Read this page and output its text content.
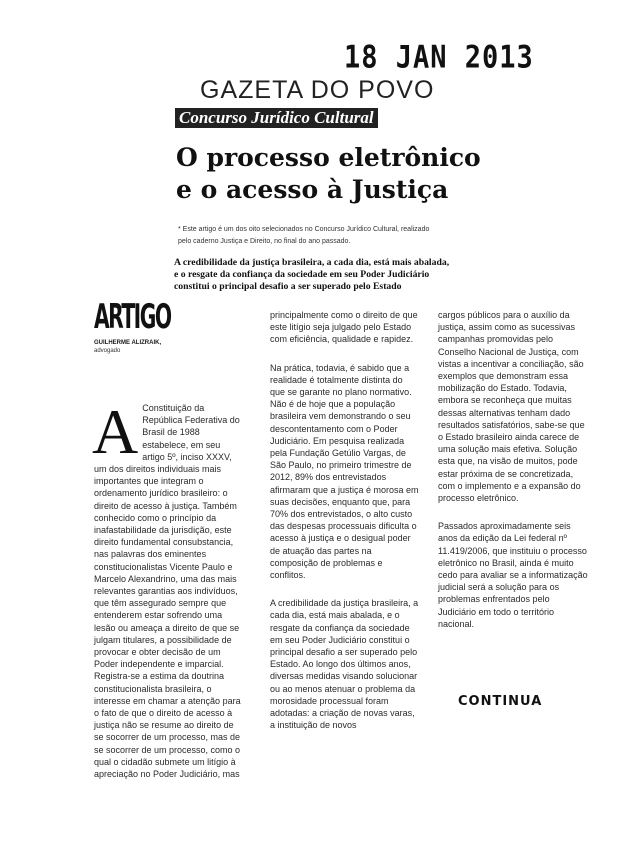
18 JAN 2013
GAZETA DO POVO
Concurso Jurídico Cultural
O processo eletrônico
e o acesso à Justiça
* Este artigo é um dos oito selecionados no Concurso Jurídico Cultural, realizado pelo caderno Justiça e Direito, no final do ano passado.
A credibilidade da justiça brasileira, a cada dia, está mais abalada, e o resgate da confiança da sociedade em seu Poder Judiciário constitui o principal desafio a ser superado pelo Estado
ARTIGO
GUILHERME ALIZRAIK,
advogado
A Constituição da República Federativa do Brasil de 1988 estabelece, em seu artigo 5º, inciso XXXV, um dos direitos individuais mais importantes que integram o ordenamento jurídico brasileiro: o direito de acesso à justiça. Também conhecido como o princípio da inafastabilidade da jurisdição, este direito fundamental consubstancia, nas palavras dos eminentes constitucionalistas Vicente Paulo e Marcelo Alexandrino, uma das mais relevantes garantias aos indivíduos, que têm assegurado sempre que entenderem estar sofrendo uma lesão ou ameaça a direito de que se julgam titulares, a possibilidade de provocar e obter decisão de um Poder independente e imparcial.

Registra-se a estima da doutrina constitucionalista brasileira, o interesse em chamar a atenção para o fato de que o direito de acesso à justiça não se resume ao direito de se socorrer de um processo, mas de se socorrer de um processo, como o qual o cidadão submete um litígio à apreciação no Poder Judiciário, mas

principalmente como o direito de que este litígio seja julgado pelo Estado com eficiência, qualidade e rapidez.

Na prática, todavia, é sabido que a realidade é totalmente distinta do que se garante no plano normativo. Não é de hoje que a população brasileira vem demonstrando o seu descontentamento com o Poder Judiciário. Em pesquisa realizada pela Fundação Getúlio Vargas, de São Paulo, no primeiro trimestre de 2012, 89% dos entrevistados afirmaram que a justiça é morosa em suas decisões, enquanto que, para 70% dos entrevistados, o alto custo das despesas processuais dificulta o acesso à justiça e o desigual poder de atuação das partes na composição de problemas e conflitos.

A credibilidade da justiça brasileira, a cada dia, está mais abalada, e o resgate da confiança da sociedade em seu Poder Judiciário constitui o principal desafio a ser superado pelo Estado. Ao longo dos últimos anos, diversas medidas visando solucionar ou ao menos atenuar o problema da morosidade processual foram adotadas: a criação de novas varas, a instituição de novos

cargos públicos para o auxílio da justiça, assim como as sucessivas campanhas promovidas pelo Conselho Nacional de Justiça, com vistas a incentivar a conciliação, são exemplos que demonstram essa mobilização do Estado. Todavia, embora se reconheça que muitas dessas alternativas tenham dado resultados satisfatórios, sabe-se que o Estado brasileiro ainda carece de uma solução mais efetiva. Solução esta que, na visão de muitos, pode estar próxima de se concretizada, com o implemento e a expansão do processo eletrônico.

Passados aproximadamente seis anos da edição da Lei federal nº 11.419/2006, que instituiu o processo eletrônico no Brasil, ainda é muito cedo para avaliar se a informatização judicial será a solução para os problemas enfrentados pelo Judiciário em todo o território nacional.

CONTINUA
